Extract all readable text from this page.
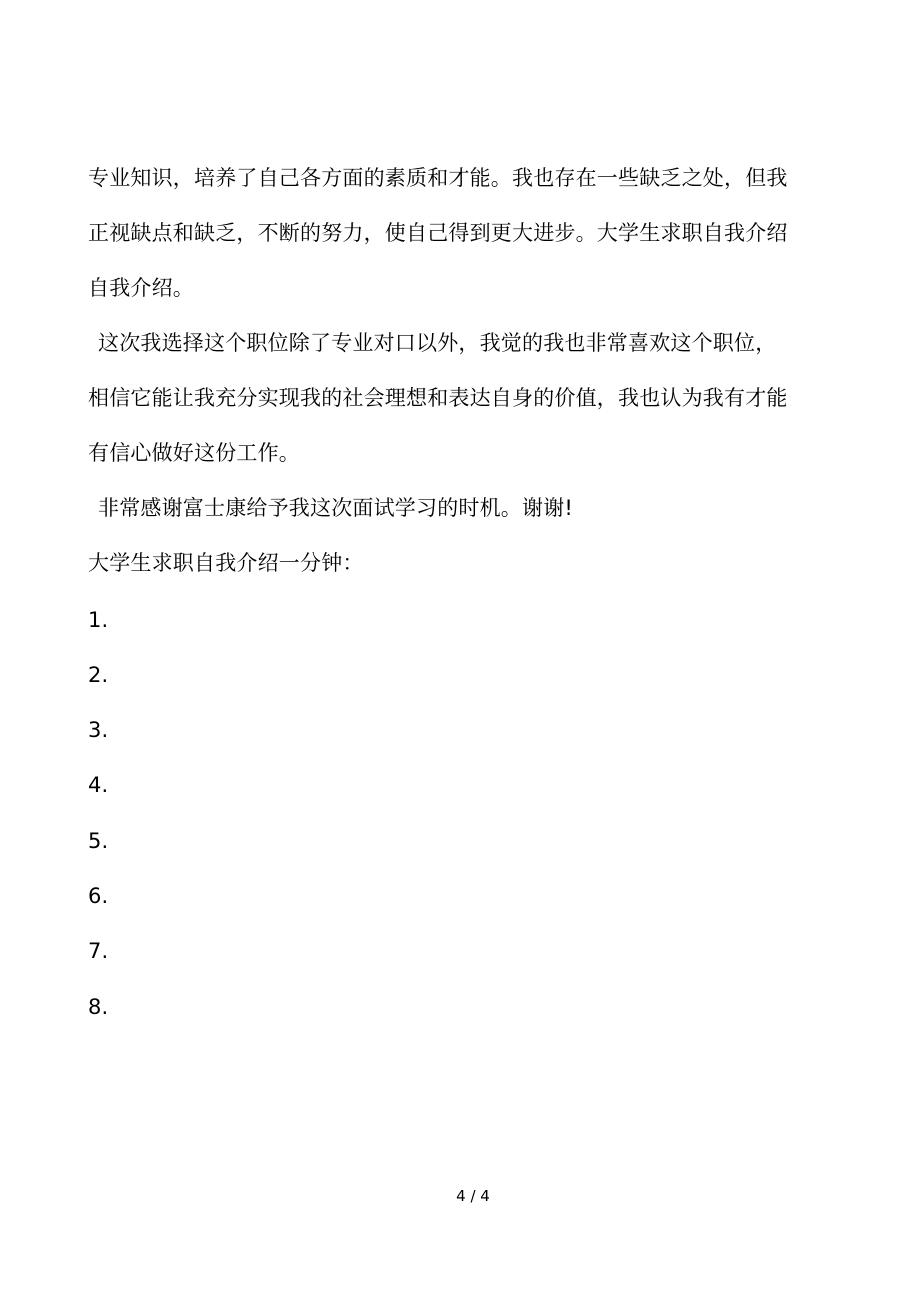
专业知识，培养了自己各方面的素质和才能。我也存在一些缺乏之处，但我
正视缺点和缺乏，不断的努力，使自己得到更大进步。大学生求职自我介绍
自我介绍。
这次我选择这个职位除了专业对口以外，我觉的我也非常喜欢这个职位，
相信它能让我充分实现我的社会理想和表达自身的价值，我也认为我有才能
有信心做好这份工作。
非常感谢富士康给予我这次面试学习的时机。谢谢!
大学生求职自我介绍一分钟：
1.
2.
3.
4.
5.
6.
7.
8.
4 / 4
